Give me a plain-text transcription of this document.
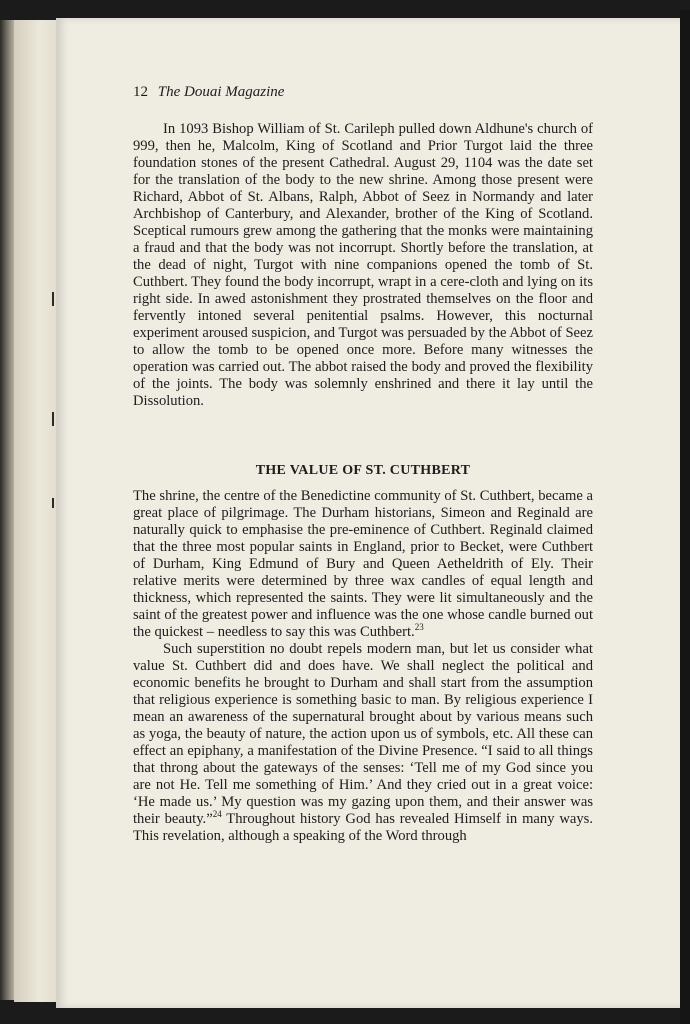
12 The Douai Magazine

In 1093 Bishop William of St. Carileph pulled down Aldhune's church of 999, then he, Malcolm, King of Scotland and Prior Turgot laid the three foundation stones of the present Cathedral. August 29, 1104 was the date set for the translation of the body to the new shrine. Among those present were Richard, Abbot of St. Albans, Ralph, Abbot of Seez in Normandy and later Archbishop of Canterbury, and Alexander, brother of the King of Scotland. Sceptical rumours grew among the gathering that the monks were maintaining a fraud and that the body was not incorrupt. Shortly before the translation, at the dead of night, Turgot with nine companions opened the tomb of St. Cuthbert. They found the body incorrupt, wrapt in a cere-cloth and lying on its right side. In awed astonishment they prostrated themselves on the floor and fervently intoned several penitential psalms. However, this nocturnal experiment aroused suspicion, and Turgot was persuaded by the Abbot of Seez to allow the tomb to be opened once more. Before many witnesses the operation was carried out. The abbot raised the body and proved the flexibility of the joints. The body was solemnly enshrined and there it lay until the Dissolution.

THE VALUE OF ST. CUTHBERT

The shrine, the centre of the Benedictine community of St. Cuthbert, became a great place of pilgrimage. The Durham historians, Simeon and Reginald are naturally quick to emphasise the pre-eminence of Cuthbert. Reginald claimed that the three most popular saints in England, prior to Becket, were Cuthbert of Durham, King Edmund of Bury and Queen Aetheldrith of Ely. Their relative merits were determined by three wax candles of equal length and thickness, which represented the saints. They were lit simultaneously and the saint of the greatest power and influence was the one whose candle burned out the quickest – needless to say this was Cuthbert.$^{23}$

Such superstition no doubt repels modern man, but let us consider what value St. Cuthbert did and does have. We shall neglect the political and economic benefits he brought to Durham and shall start from the assumption that religious experience is something basic to man. By religious experience I mean an awareness of the supernatural brought about by various means such as yoga, the beauty of nature, the action upon us of symbols, etc. All these can effect an epiphany, a manifestation of the Divine Presence. “I said to all things that throng about the gateways of the senses: ‘Tell me of my God since you are not He. Tell me something of Him.’ And they cried out in a great voice: ‘He made us.’ My question was my gazing upon them, and their answer was their beauty.”$^{24}$ Throughout history God has revealed Himself in many ways. This revelation, although a speaking of the Word through
